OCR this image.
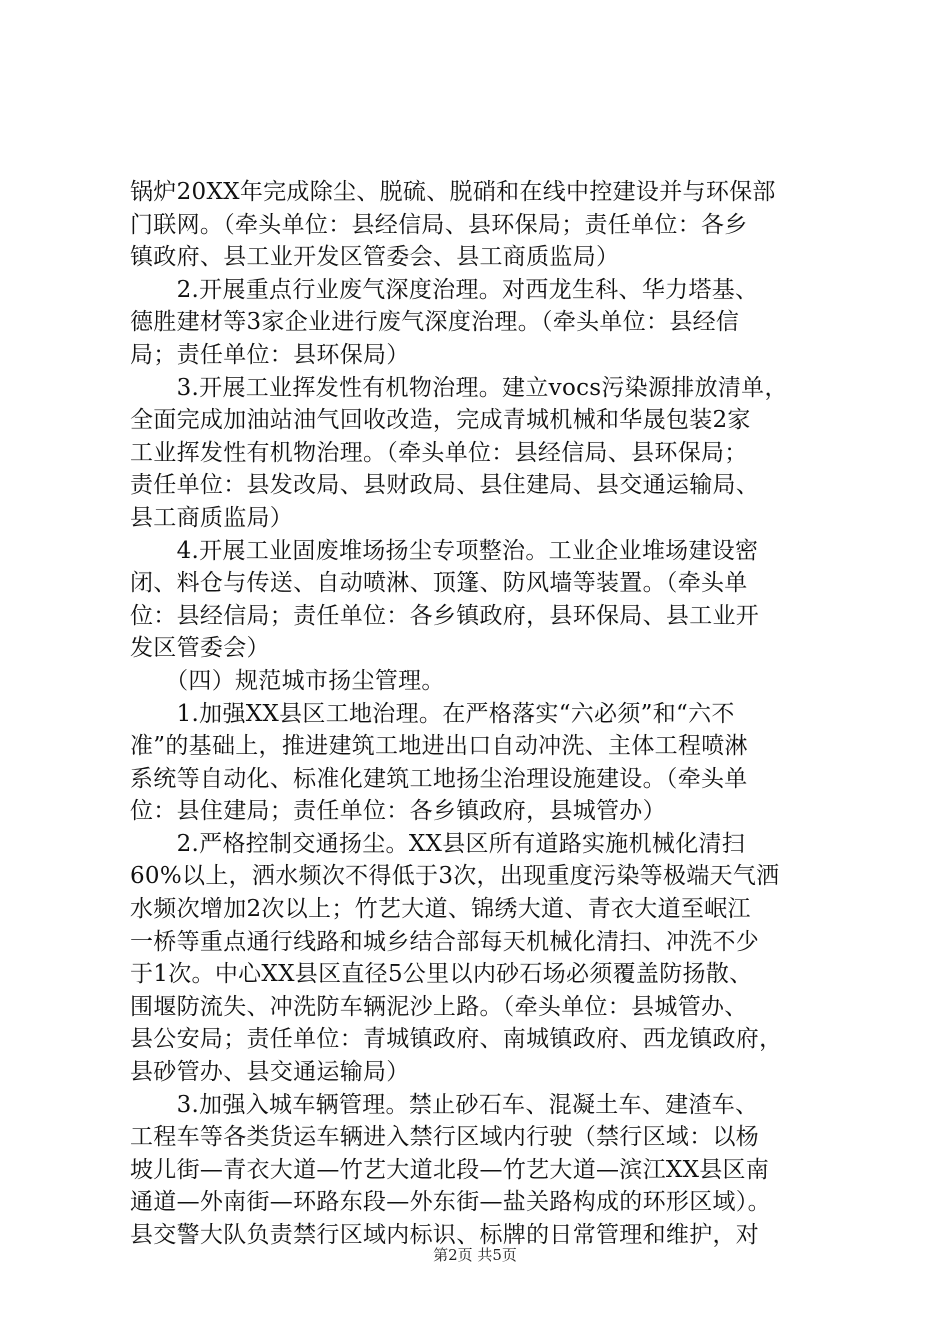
锅炉20XX年完成除尘、脱硫、脱硝和在线中控建设并与环保部
门联网。（牵头单位：县经信局、县环保局；责任单位：各乡
镇政府、县工业开发区管委会、县工商质监局）
　　2.开展重点行业废气深度治理。对西龙生科、华力塔基、
德胜建材等3家企业进行废气深度治理。（牵头单位：县经信
局；责任单位：县环保局）
　　3.开展工业挥发性有机物治理。建立vocs污染源排放清单，
全面完成加油站油气回收改造，完成青城机械和华晟包装2家
工业挥发性有机物治理。（牵头单位：县经信局、县环保局；
责任单位：县发改局、县财政局、县住建局、县交通运输局、
县工商质监局）
　　4.开展工业固废堆场扬尘专项整治。工业企业堆场建设密
闭、料仓与传送、自动喷淋、顶篷、防风墙等装置。（牵头单
位：县经信局；责任单位：各乡镇政府，县环保局、县工业开
发区管委会）
　　（四）规范城市扬尘管理。
　　1.加强XX县区工地治理。在严格落实“六必须”和“六不
准”的基础上，推进建筑工地进出口自动冲洗、主体工程喷淋
系统等自动化、标准化建筑工地扬尘治理设施建设。（牵头单
位：县住建局；责任单位：各乡镇政府，县城管办）
　　2.严格控制交通扬尘。XX县区所有道路实施机械化清扫
60%以上，洒水频次不得低于3次，出现重度污染等极端天气洒
水频次增加2次以上；竹艺大道、锦绣大道、青衣大道至岷江
一桥等重点通行线路和城乡结合部每天机械化清扫、冲洗不少
于1次。中心XX县区直径5公里以内砂石场必须覆盖防扬散、
围堰防流失、冲洗防车辆泥沙上路。（牵头单位：县城管办、
县公安局；责任单位：青城镇政府、南城镇政府、西龙镇政府，
县砂管办、县交通运输局）
　　3.加强入城车辆管理。禁止砂石车、混凝土车、建渣车、
工程车等各类货运车辆进入禁行区域内行驶（禁行区域：以杨
坡儿街—青衣大道—竹艺大道北段—竹艺大道—滨江XX县区南
通道—外南街—环路东段—外东街—盐关路构成的环形区域）。
县交警大队负责禁行区域内标识、标牌的日常管理和维护，对
第2页 共5页
